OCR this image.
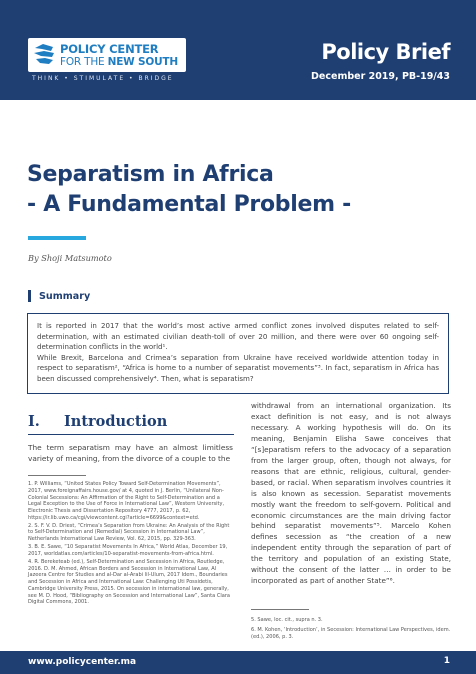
POLICY CENTER
FOR THE NEW SOUTH
THINK • STIMULATE • BRIDGE
Policy Brief
December 2019, PB-19/43
Separatism in Africa
- A Fundamental Problem -
By Shoji Matsumoto
Summary

It is reported in 2017 that the world’s most active armed conflict zones involved disputes related to self-determination, with an estimated civilian death-toll of over 20 million, and there were over 60 ongoing self-determination conflicts in the world¹.

While Brexit, Barcelona and Crimea’s separation from Ukraine have received worldwide attention today in respect to separatism², “Africa is home to a number of separatist movements”³. In fact, separatism in Africa has been discussed comprehensively⁴. Then, what is separatism?

I. Introduction
The term separatism may have an almost limitless variety of meaning, from the divorce of a couple to the

1. P. Williams, “United States Policy Toward Self-Determination Movements”, 2017, www.foreignaffairs.house.gov/ at 4, quoted in J. Berlin, “Unilateral Non-Colonial Secessions: An Affirmation of the Right to Self-Determination and a Legal Exception to the Use of Force in International Law”, Western University, Electronic Thesis and Dissertation Repository 4777, 2017, p. 62, https://ir.lib.uwo.ca/cgi/viewcontent.cgi?article=6699&context=etd.

2. S. F. V. D. Driest, “Crimea’s Separation from Ukraine: An Analysis of the Right to Self-Determination and (Remedial) Secession in International Law”, Netherlands International Law Review, Vol. 62, 2015, pp. 329-363.

3. B. E. Sawe, “10 Separatist Movements In Africa,” World Atlas, December 19, 2017, worldatlas.com/articles/10-separatist-movements-from-africa.html.

4. R. Bereketeab (ed.), Self-Determination and Secession in Africa, Routledge, 2016. D. M. Ahmed, African Borders and Secession in International Law, Al Jazeera Centre for Studies and al-Dar al-Arabi lil-Ulum, 2017 Idem., Boundaries and Secession in Africa and International Law: Challenging Uti Possidetis, Cambridge University Press, 2015. On secession in international law, generally, see M. D. Hood, “Bibliography on Secession and International Law”, Santa Clara Digital Commons, 2001.

withdrawal from an international organization. Its exact definition is not easy, and is not always necessary. A working hypothesis will do. On its meaning, Benjamin Elisha Sawe conceives that “[s]eparatism refers to the advocacy of a separation from the larger group, often, though not always, for reasons that are ethnic, religious, cultural, gender-based, or racial. When separatism involves countries it is also known as secession. Separatist movements mostly want the freedom to self-govern. Political and economic circumstances are the main driving factor behind separatist movements”⁵. Marcelo Kohen defines secession as “the creation of a new independent entity through the separation of part of the territory and population of an existing State, without the consent of the latter … in order to be incorporated as part of another State”⁶.

5. Sawe, loc. cit., supra n. 3.

6. M. Kohen, ‘Introduction’, in Secession: International Law Perspectives, idem. (ed.), 2006, p. 3.

www.policycenter.ma	1
